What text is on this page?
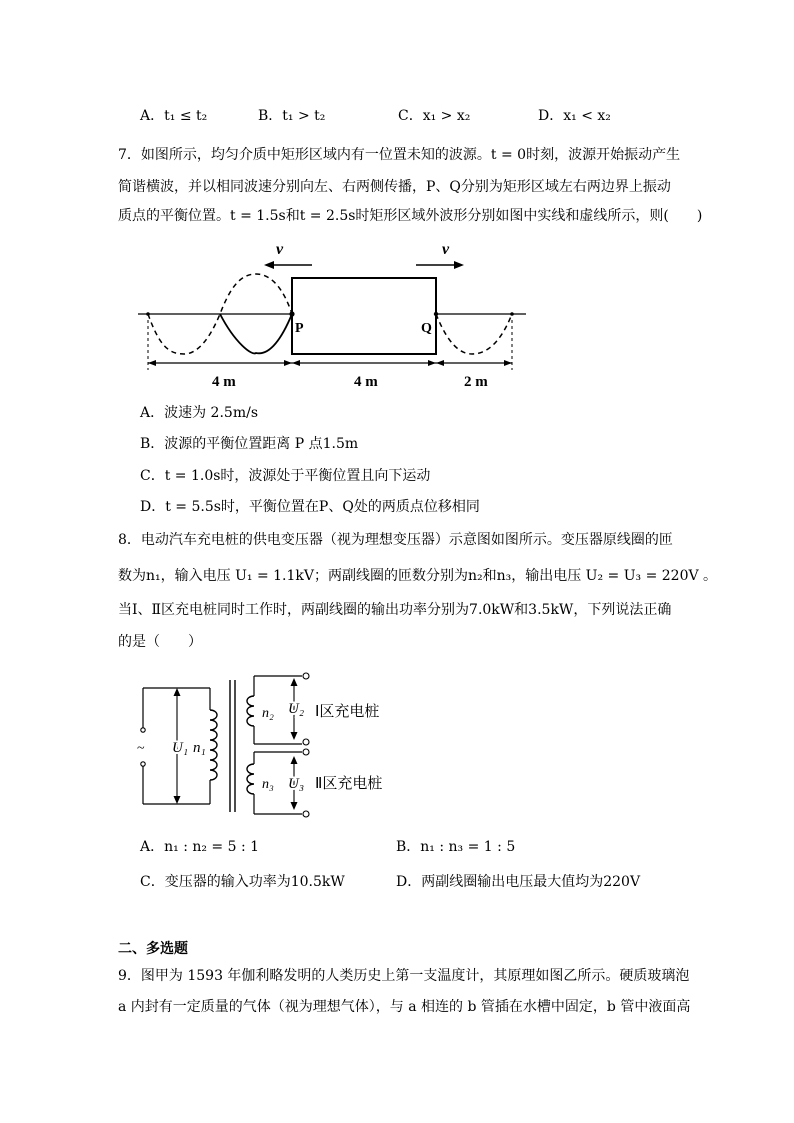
A．t₁ ≤ t₂	B．t₁ > t₂	C．x₁ > x₂	D．x₁ < x₂
7．如图所示，均匀介质中矩形区域内有一位置未知的波源。t = 0时刻，波源开始振动产生
简谐横波，并以相同波速分别向左、右两侧传播，P、Q分别为矩形区域左右两边界上振动
质点的平衡位置。t = 1.5s和t = 2.5s时矩形区域外波形分别如图中实线和虚线所示，则(　　)
P	Q
v	v
4 m	4 m	2 m
A．波速为 2.5m/s
B．波源的平衡位置距离 P 点1.5m
C．t = 1.0s时，波源处于平衡位置且向下运动
D．t = 5.5s时，平衡位置在P、Q处的两质点位移相同
8．电动汽车充电桩的供电变压器（视为理想变压器）示意图如图所示。变压器原线圈的匝
数为n₁，输入电压 U₁ = 1.1kV；两副线圈的匝数分别为n₂和n₃，输出电压 U₂ = U₃ = 220V 。
当Ⅰ、Ⅱ区充电桩同时工作时，两副线圈的输出功率分别为7.0kW和3.5kW，下列说法正确
的是（　　）
~ U₁ n₁
n₂ U₂ Ⅰ区充电桩
n₃ U₃ Ⅱ区充电桩
A．n₁ : n₂ = 5 : 1	B．n₁ : n₃ = 1 : 5
C．变压器的输入功率为10.5kW	D．两副线圈输出电压最大值均为220V
二、多选题
9．图甲为 1593 年伽利略发明的人类历史上第一支温度计，其原理如图乙所示。硬质玻璃泡
a 内封有一定质量的气体（视为理想气体），与 a 相连的 b 管插在水槽中固定，b 管中液面高
